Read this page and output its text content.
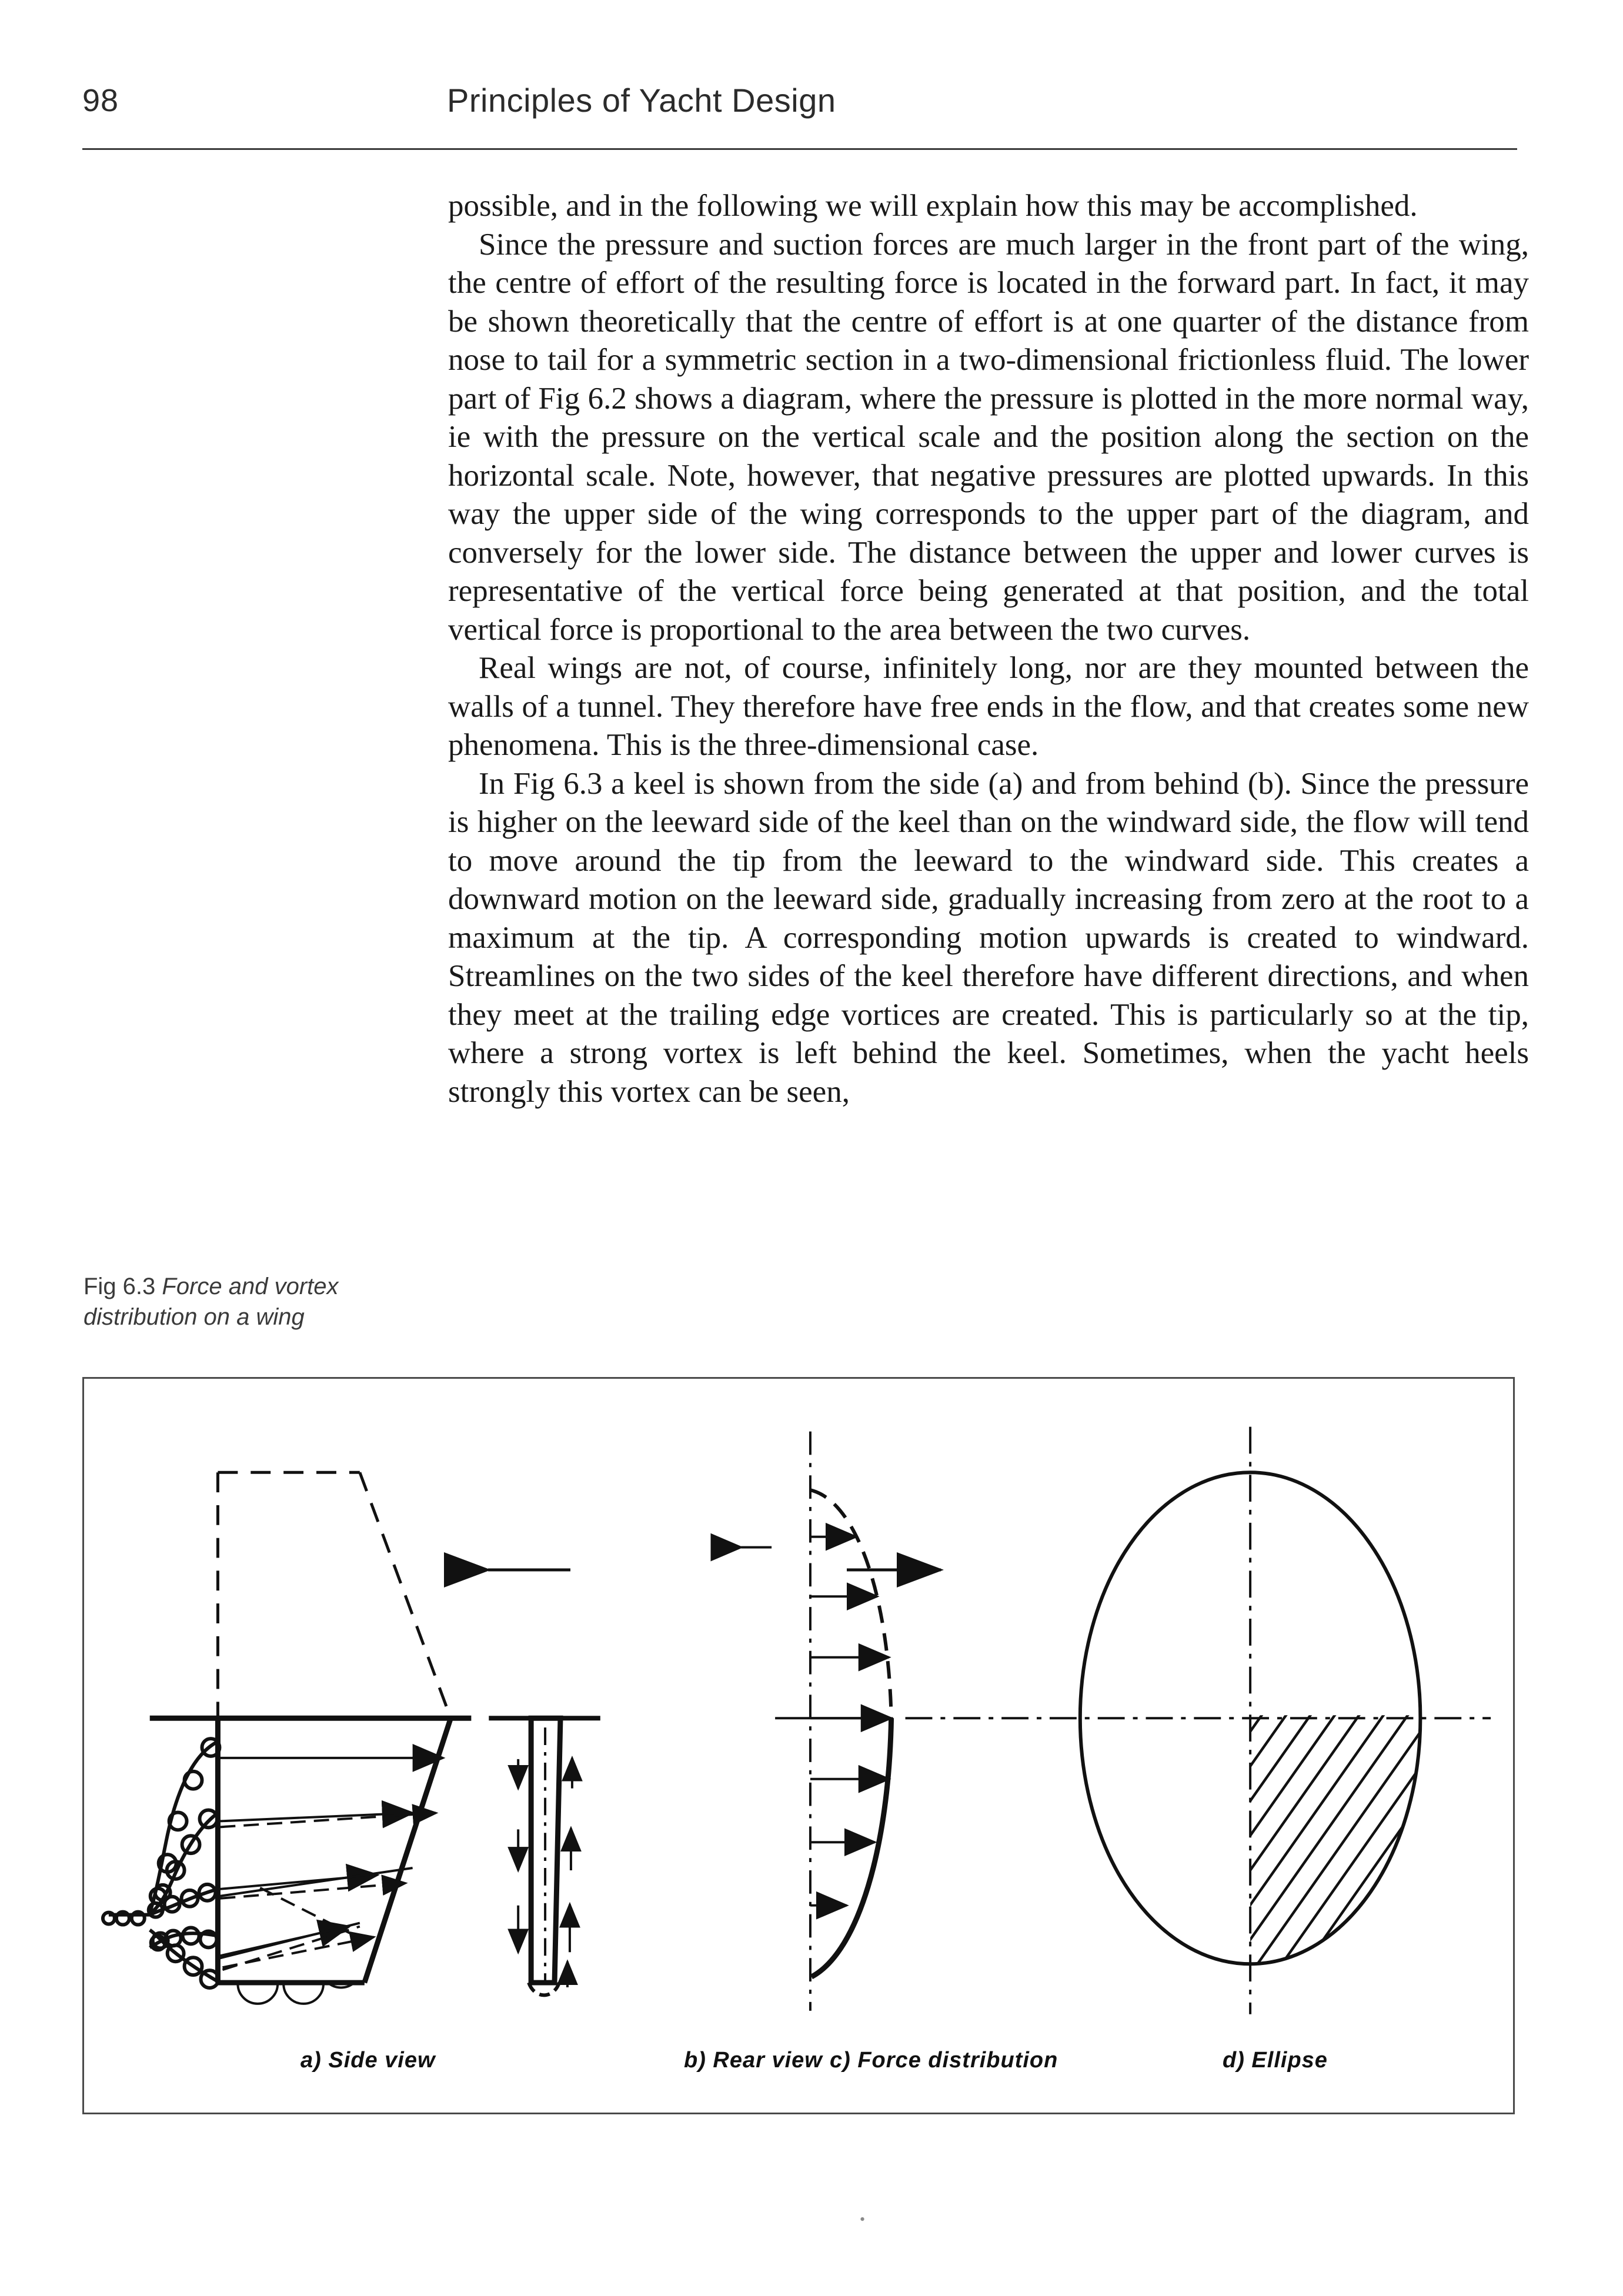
98	Principles of Yacht Design

possible, and in the following we will explain how this may be accomplished.

Since the pressure and suction forces are much larger in the front part of the wing, the centre of effort of the resulting force is located in the forward part. In fact, it may be shown theoretically that the centre of effort is at one quarter of the distance from nose to tail for a symmetric section in a two-dimensional frictionless fluid. The lower part of Fig 6.2 shows a diagram, where the pressure is plotted in the more normal way, ie with the pressure on the vertical scale and the position along the section on the horizontal scale. Note, however, that negative pressures are plotted upwards. In this way the upper side of the wing corresponds to the upper part of the diagram, and conversely for the lower side. The distance between the upper and lower curves is representative of the vertical force being generated at that position, and the total vertical force is proportional to the area between the two curves.

Real wings are not, of course, infinitely long, nor are they mounted between the walls of a tunnel. They therefore have free ends in the flow, and that creates some new phenomena. This is the three-dimensional case.

In Fig 6.3 a keel is shown from the side (a) and from behind (b). Since the pressure is higher on the leeward side of the keel than on the windward side, the flow will tend to move around the tip from the leeward to the windward side. This creates a downward motion on the leeward side, gradually increasing from zero at the root to a maximum at the tip. A corresponding motion upwards is created to windward. Streamlines on the two sides of the keel therefore have different directions, and when they meet at the trailing edge vortices are created. This is particularly so at the tip, where a strong vortex is left behind the keel. Sometimes, when the yacht heels strongly this vortex can be seen,

Fig 6.3 Force and vortex distribution on a wing
a) Side view	b) Rear view c) Force distribution	d) Ellipse
•
